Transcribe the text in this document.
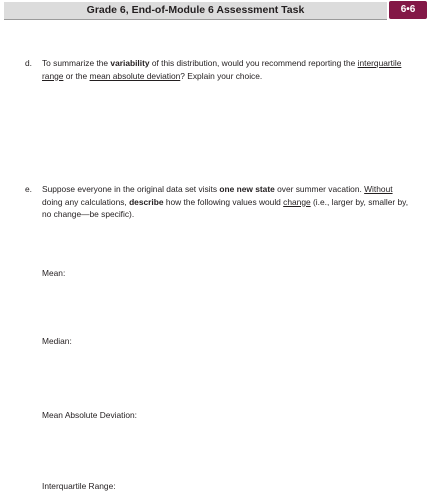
Grade 6, End-of-Module 6 Assessment Task	6•6
d. To summarize the variability of this distribution, would you recommend reporting the interquartile range or the mean absolute deviation? Explain your choice.
e. Suppose everyone in the original data set visits one new state over summer vacation. Without doing any calculations, describe how the following values would change (i.e., larger by, smaller by, no change—be specific).
Mean:
Median:
Mean Absolute Deviation:
Interquartile Range:
